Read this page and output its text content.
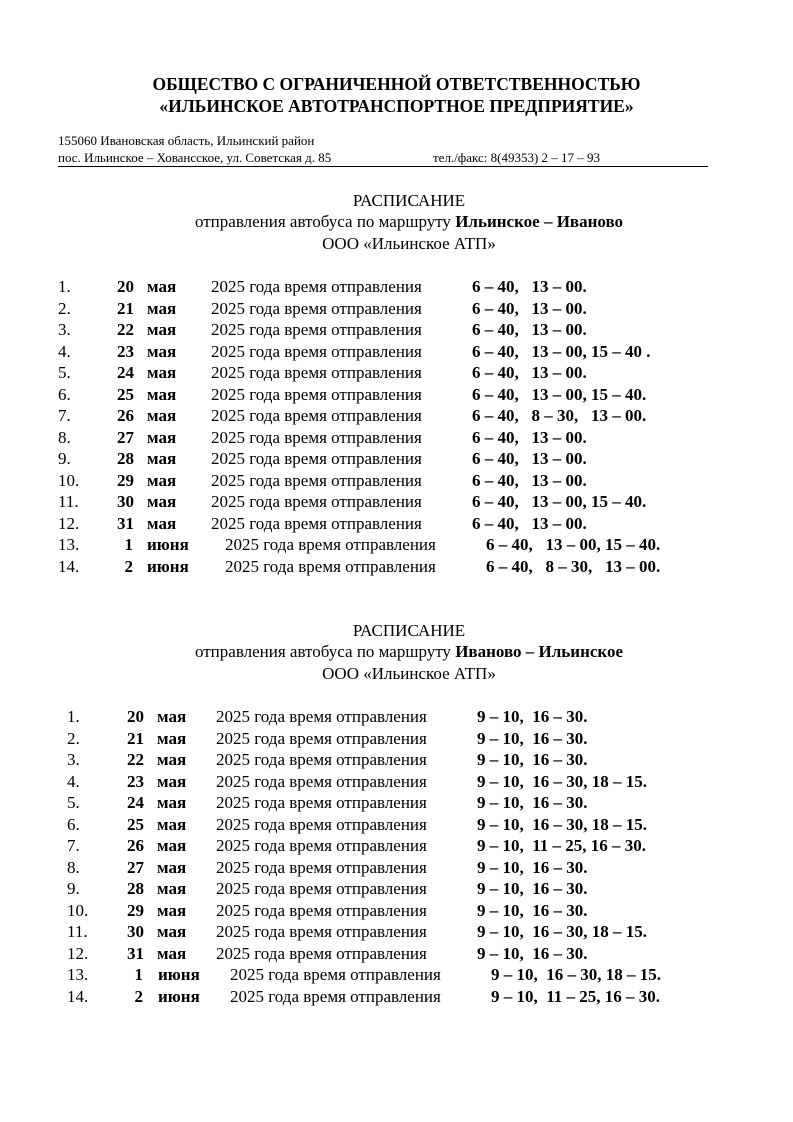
ОБЩЕСТВО С ОГРАНИЧЕННОЙ ОТВЕТСТВЕННОСТЬЮ
«ИЛЬИНСКОЕ АВТОТРАНСПОРТНОЕ ПРЕДПРИЯТИЕ»
155060 Ивановская область, Ильинский район
пос. Ильинское – Ховансское, ул. Советская д. 85	тел./факс: 8(49353) 2 – 17 – 93
РАСПИСАНИЕ
отправления автобуса по маршруту Ильинское – Иваново
ООО «Ильинское АТП»
1.	20 мая 2025 года время отправления	6 – 40,   13 – 00.
2.	21 мая 2025 года время отправления	6 – 40,   13 – 00.
3.	22 мая 2025 года время отправления	6 – 40,   13 – 00.
4.	23 мая 2025 года время отправления	6 – 40,   13 – 00, 15 – 40 .
5.	24 мая 2025 года время отправления	6 – 40,   13 – 00.
6.	25 мая 2025 года время отправления	6 – 40,   13 – 00, 15 – 40.
7.	26 мая 2025 года время отправления	6 – 40,   8 – 30,   13 – 00.
8.	27 мая 2025 года время отправления	6 – 40,   13 – 00.
9.	28 мая 2025 года время отправления	6 – 40,   13 – 00.
10.	29 мая 2025 года время отправления	6 – 40,   13 – 00.
11.	30 мая 2025 года время отправления	6 – 40,   13 – 00, 15 – 40.
12.	31 мая 2025 года время отправления	6 – 40,   13 – 00.
13.	1 июня 2025 года время отправления	6 – 40,   13 – 00, 15 – 40.
14.	2 июня 2025 года время отправления	6 – 40,   8 – 30,   13 – 00.
РАСПИСАНИЕ
отправления автобуса по маршруту Иваново – Ильинское
ООО «Ильинское АТП»
1.	20 мая 2025 года время отправления	9 – 10,  16 – 30.
2.	21 мая 2025 года время отправления	9 – 10,  16 – 30.
3.	22 мая 2025 года время отправления	9 – 10,  16 – 30.
4.	23 мая 2025 года время отправления	9 – 10,  16 – 30, 18 – 15.
5.	24 мая 2025 года время отправления	9 – 10,  16 – 30.
6.	25 мая 2025 года время отправления	9 – 10,  16 – 30, 18 – 15.
7.	26 мая 2025 года время отправления	9 – 10,  11 – 25, 16 – 30.
8.	27 мая 2025 года время отправления	9 – 10,  16 – 30.
9.	28 мая 2025 года время отправления	9 – 10,  16 – 30.
10.	29 мая 2025 года время отправления	9 – 10,  16 – 30.
11.	30 мая 2025 года время отправления	9 – 10,  16 – 30, 18 – 15.
12.	31 мая 2025 года время отправления	9 – 10,  16 – 30.
13.	1 июня 2025 года время отправления	9 – 10,  16 – 30, 18 – 15.
14.	2 июня 2025 года время отправления	9 – 10,  11 – 25, 16 – 30.
